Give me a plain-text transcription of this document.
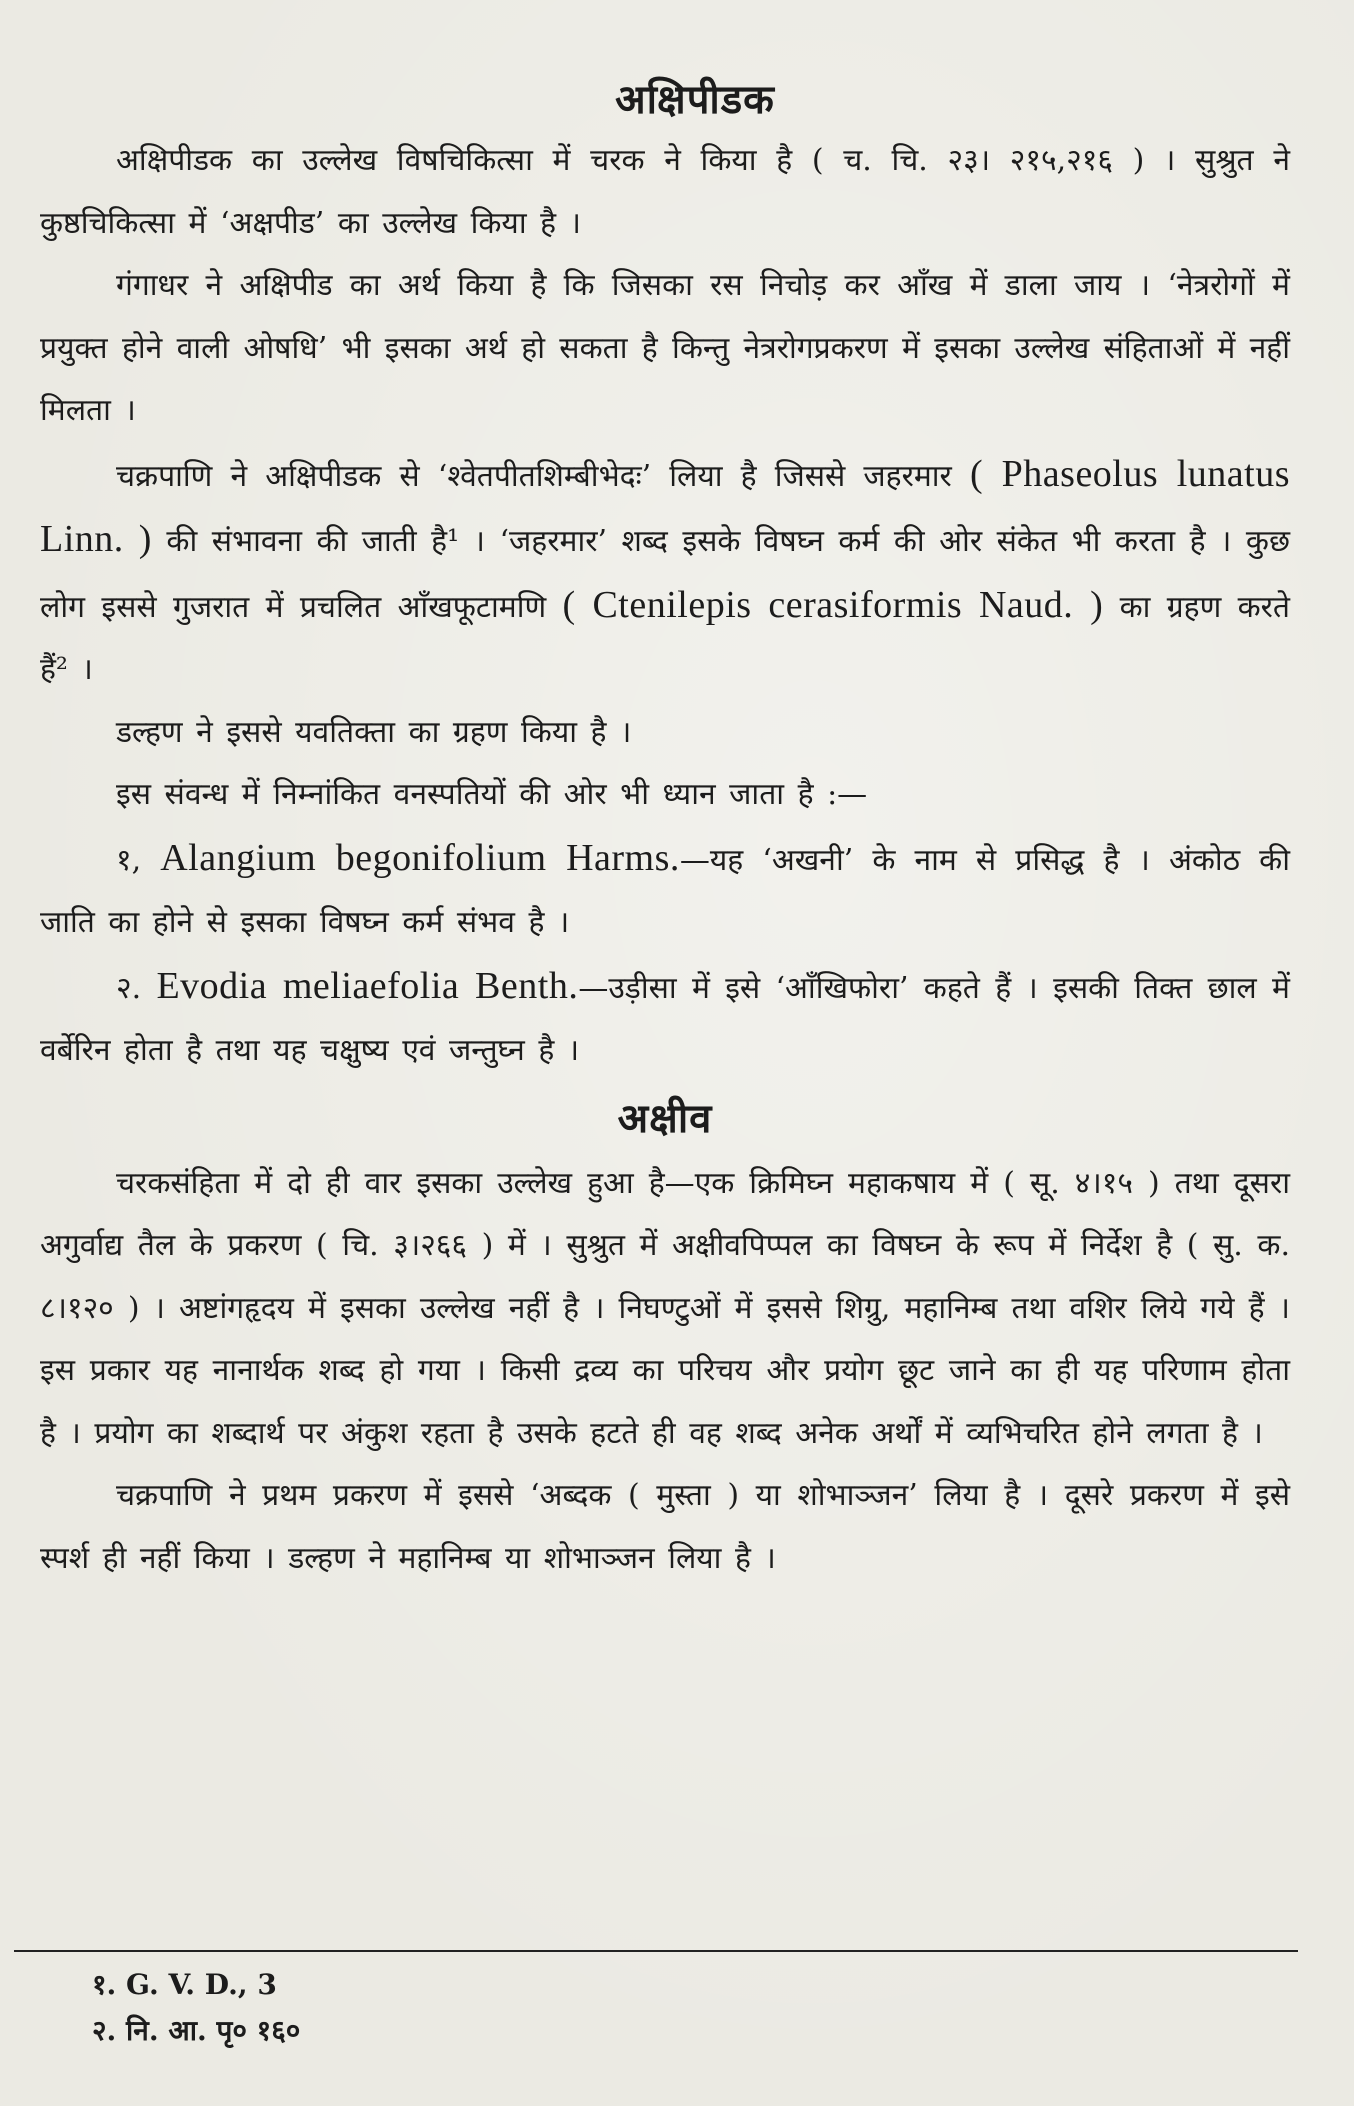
अक्षिपीडक

अक्षिपीडक का उल्लेख विषचिकित्सा में चरक ने किया है ( च. चि. २३। २१५,२१६ ) । सुश्रुत ने कुष्ठचिकित्सा में ‘अक्षपीड’ का उल्लेख किया है ।

गंगाधर ने अक्षिपीड का अर्थ किया है कि जिसका रस निचोड़ कर आँख में डाला जाय । ‘नेत्ररोगों में प्रयुक्त होने वाली ओषधि’ भी इसका अर्थ हो सकता है किन्तु नेत्ररोगप्रकरण में इसका उल्लेख संहिताओं में नहीं मिलता ।

चक्रपाणि ने अक्षिपीडक से ‘श्वेतपीतशिम्बीभेदः’ लिया है जिससे जहरमार ( Phaseolus lunatus Linn. ) की संभावना की जाती है¹ । ‘जहरमार’ शब्द इसके विषघ्न कर्म की ओर संकेत भी करता है । कुछ लोग इससे गुजरात में प्रचलित आँखफूटामणि ( Ctenilepis cerasiformis Naud. ) का ग्रहण करते हैं² ।

डल्हण ने इससे यवतिक्ता का ग्रहण किया है ।

इस संवन्ध में निम्नांकित वनस्पतियों की ओर भी ध्यान जाता है :—

१, Alangium begonifolium Harms.—यह ‘अखनी’ के नाम से प्रसिद्ध है । अंकोठ की जाति का होने से इसका विषघ्न कर्म संभव है ।

२. Evodia meliaefolia Benth.—उड़ीसा में इसे ‘आँखिफोरा’ कहते हैं । इसकी तिक्त छाल में वर्बेरिन होता है तथा यह चक्षुष्य एवं जन्तुघ्न है ।

अक्षीव

चरकसंहिता में दो ही वार इसका उल्लेख हुआ है—एक क्रिमिघ्न महाकषाय में ( सू. ४।१५ ) तथा दूसरा अगुर्वाद्य तैल के प्रकरण ( चि. ३।२६६ ) में । सुश्रुत में अक्षीवपिप्पल का विषघ्न के रूप में निर्देश है ( सु. क. ८।१२० ) । अष्टांगहृदय में इसका उल्लेख नहीं है । निघण्टुओं में इससे शिग्रु, महानिम्ब तथा वशिर लिये गये हैं । इस प्रकार यह नानार्थक शब्द हो गया । किसी द्रव्य का परिचय और प्रयोग छूट जाने का ही यह परिणाम होता है । प्रयोग का शब्दार्थ पर अंकुश रहता है उसके हटते ही वह शब्द अनेक अर्थों में व्यभिचरित होने लगता है ।

चक्रपाणि ने प्रथम प्रकरण में इससे ‘अब्दक ( मुस्ता ) या शोभाञ्जन’ लिया है । दूसरे प्रकरण में इसे स्पर्श ही नहीं किया । डल्हण ने महानिम्ब या शोभाञ्जन लिया है ।

१. G. V. D., 3

२. नि. आ. पृ० १६०
